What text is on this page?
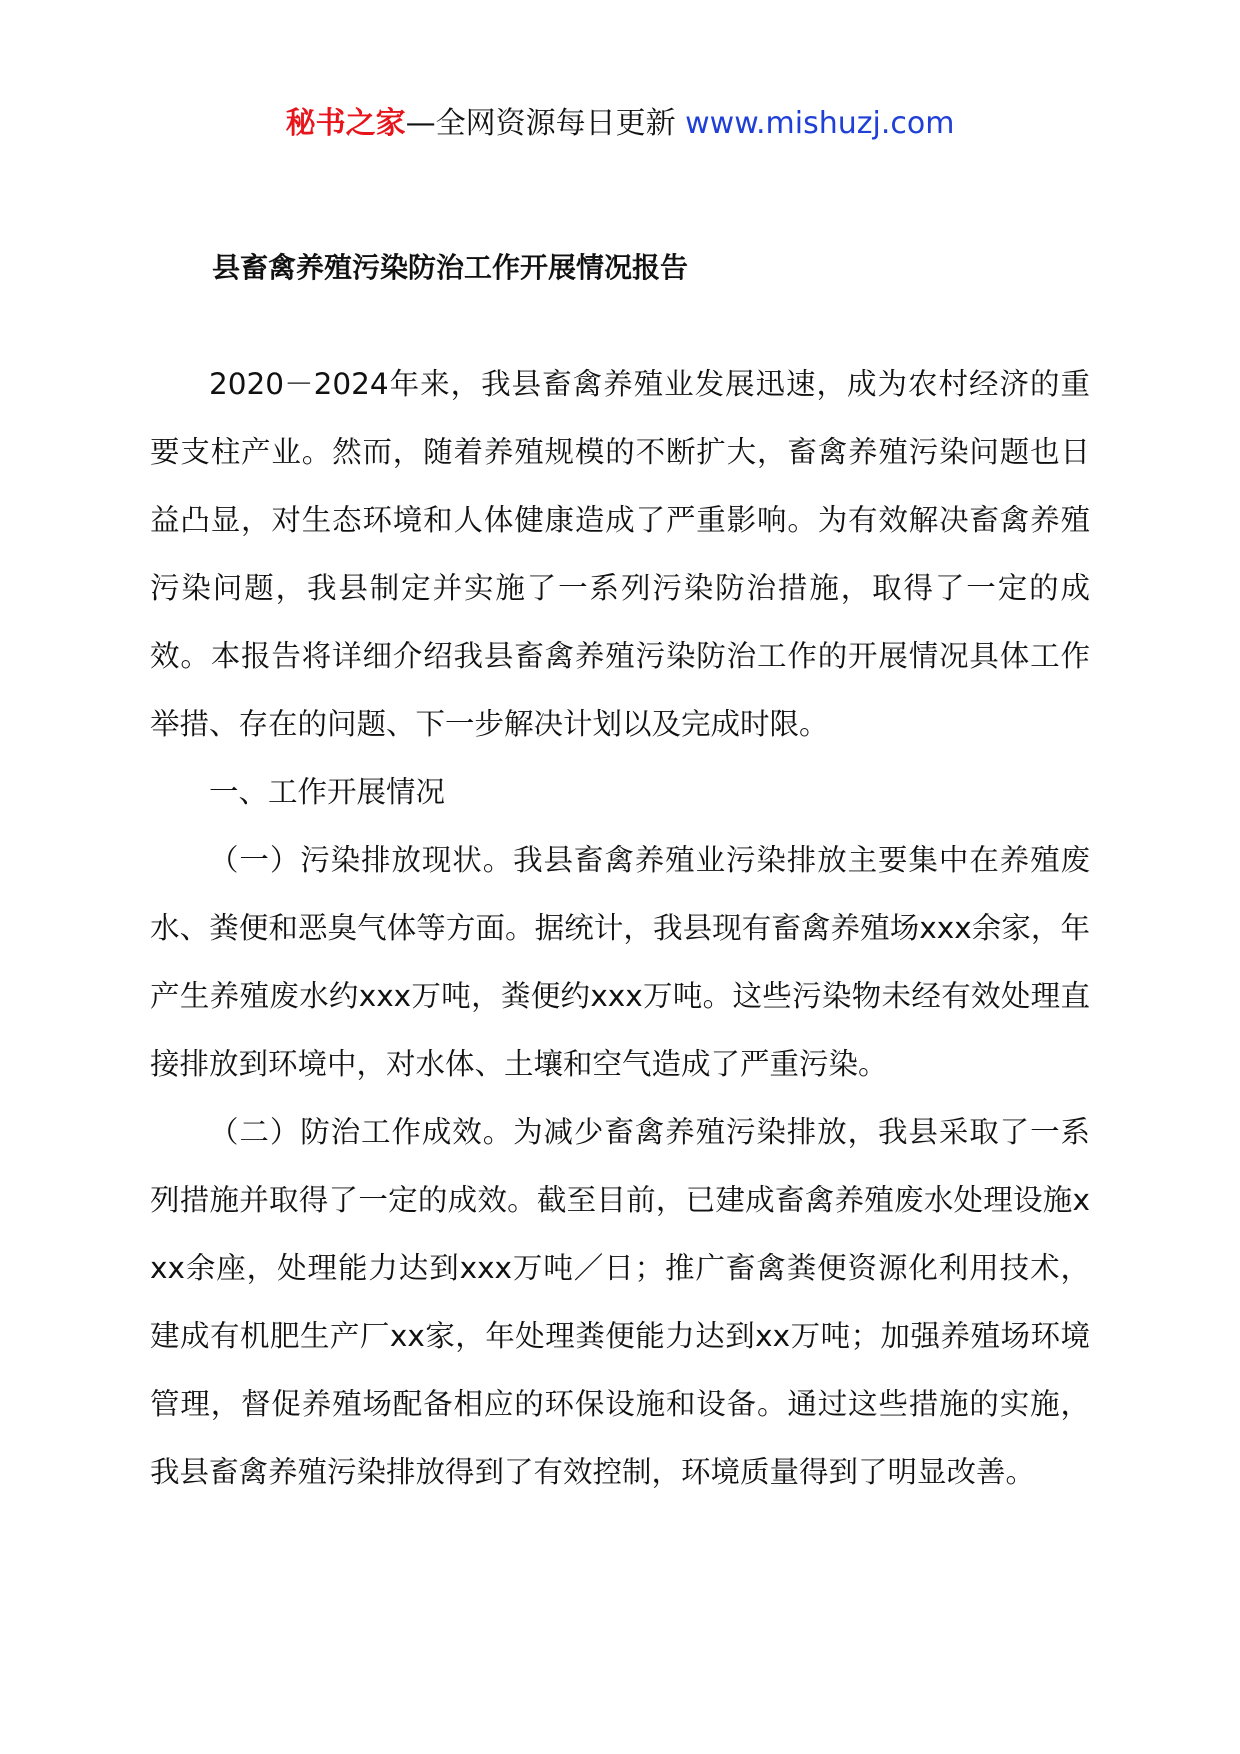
秘书之家—全网资源每日更新 www.mishuzj.com
县畜禽养殖污染防治工作开展情况报告

2020－2024年来，我县畜禽养殖业发展迅速，成为农村经济的重要支柱产业。然而，随着养殖规模的不断扩大，畜禽养殖污染问题也日益凸显，对生态环境和人体健康造成了严重影响。为有效解决畜禽养殖污染问题，我县制定并实施了一系列污染防治措施，取得了一定的成效。本报告将详细介绍我县畜禽养殖污染防治工作的开展情况具体工作举措、存在的问题、下一步解决计划以及完成时限。

一、工作开展情况

（一）污染排放现状。我县畜禽养殖业污染排放主要集中在养殖废水、粪便和恶臭气体等方面。据统计，我县现有畜禽养殖场xxx余家，年产生养殖废水约xxx万吨，粪便约xxx万吨。这些污染物未经有效处理直接排放到环境中，对水体、土壤和空气造成了严重污染。

（二）防治工作成效。为减少畜禽养殖污染排放，我县采取了一系列措施并取得了一定的成效。截至目前，已建成畜禽养殖废水处理设施xxx余座，处理能力达到xxx万吨／日；推广畜禽粪便资源化利用技术，建成有机肥生产厂xx家，年处理粪便能力达到xx万吨；加强养殖场环境管理，督促养殖场配备相应的环保设施和设备。通过这些措施的实施，我县畜禽养殖污染排放得到了有效控制，环境质量得到了明显改善。
